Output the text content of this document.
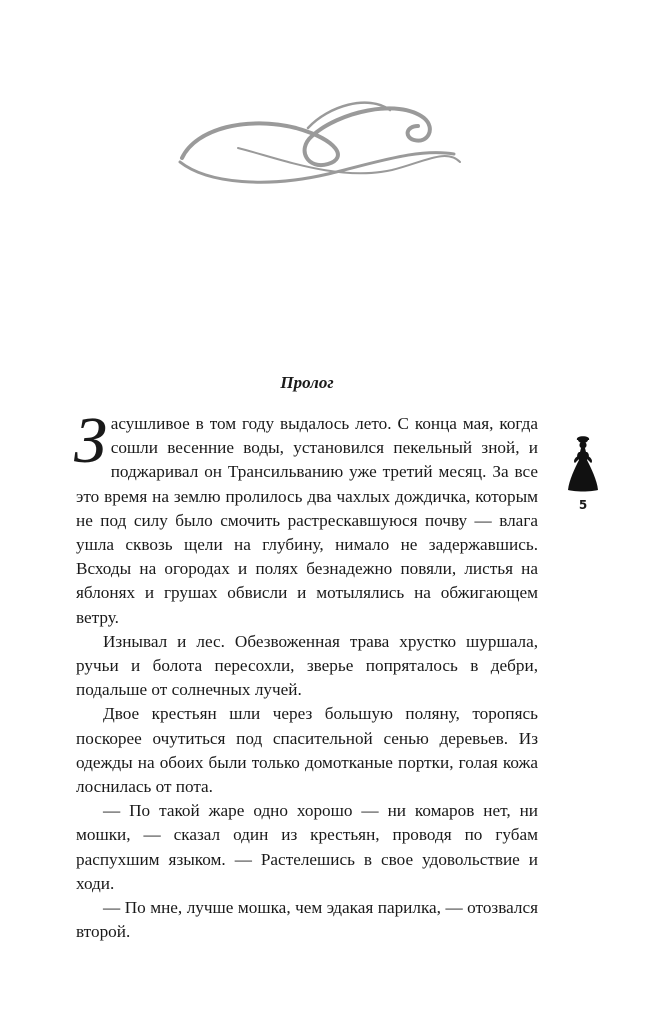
Пролог

Засушливое в том году выдалось лето. С конца мая, когда сошли весенние воды, установился пекельный зной, и поджаривал он Трансильванию уже третий месяц. За все это время на землю пролилось два чахлых дождичка, которым не под силу было смочить растрескавшуюся почву — влага ушла сквозь щели на глубину, нимало не задержавшись. Всходы на огородах и полях безнадежно повяли, листья на яблонях и грушах обвисли и мотылялись на обжигающем ветру.

Изнывал и лес. Обезвоженная трава хрустко шуршала, ручьи и болота пересохли, зверье попряталось в дебри, подальше от солнечных лучей.

Двое крестьян шли через большую поляну, торопясь поскорее очутиться под спасительной сенью деревьев. Из одежды на обоих были только домотканые портки, голая кожа лоснилась от пота.

— По такой жаре одно хорошо — ни комаров нет, ни мошки, — сказал один из крестьян, проводя по губам распухшим языком. — Растелешись в свое удовольствие и ходи.

— По мне, лучше мошка, чем эдакая парилка, — отозвался второй.

5
